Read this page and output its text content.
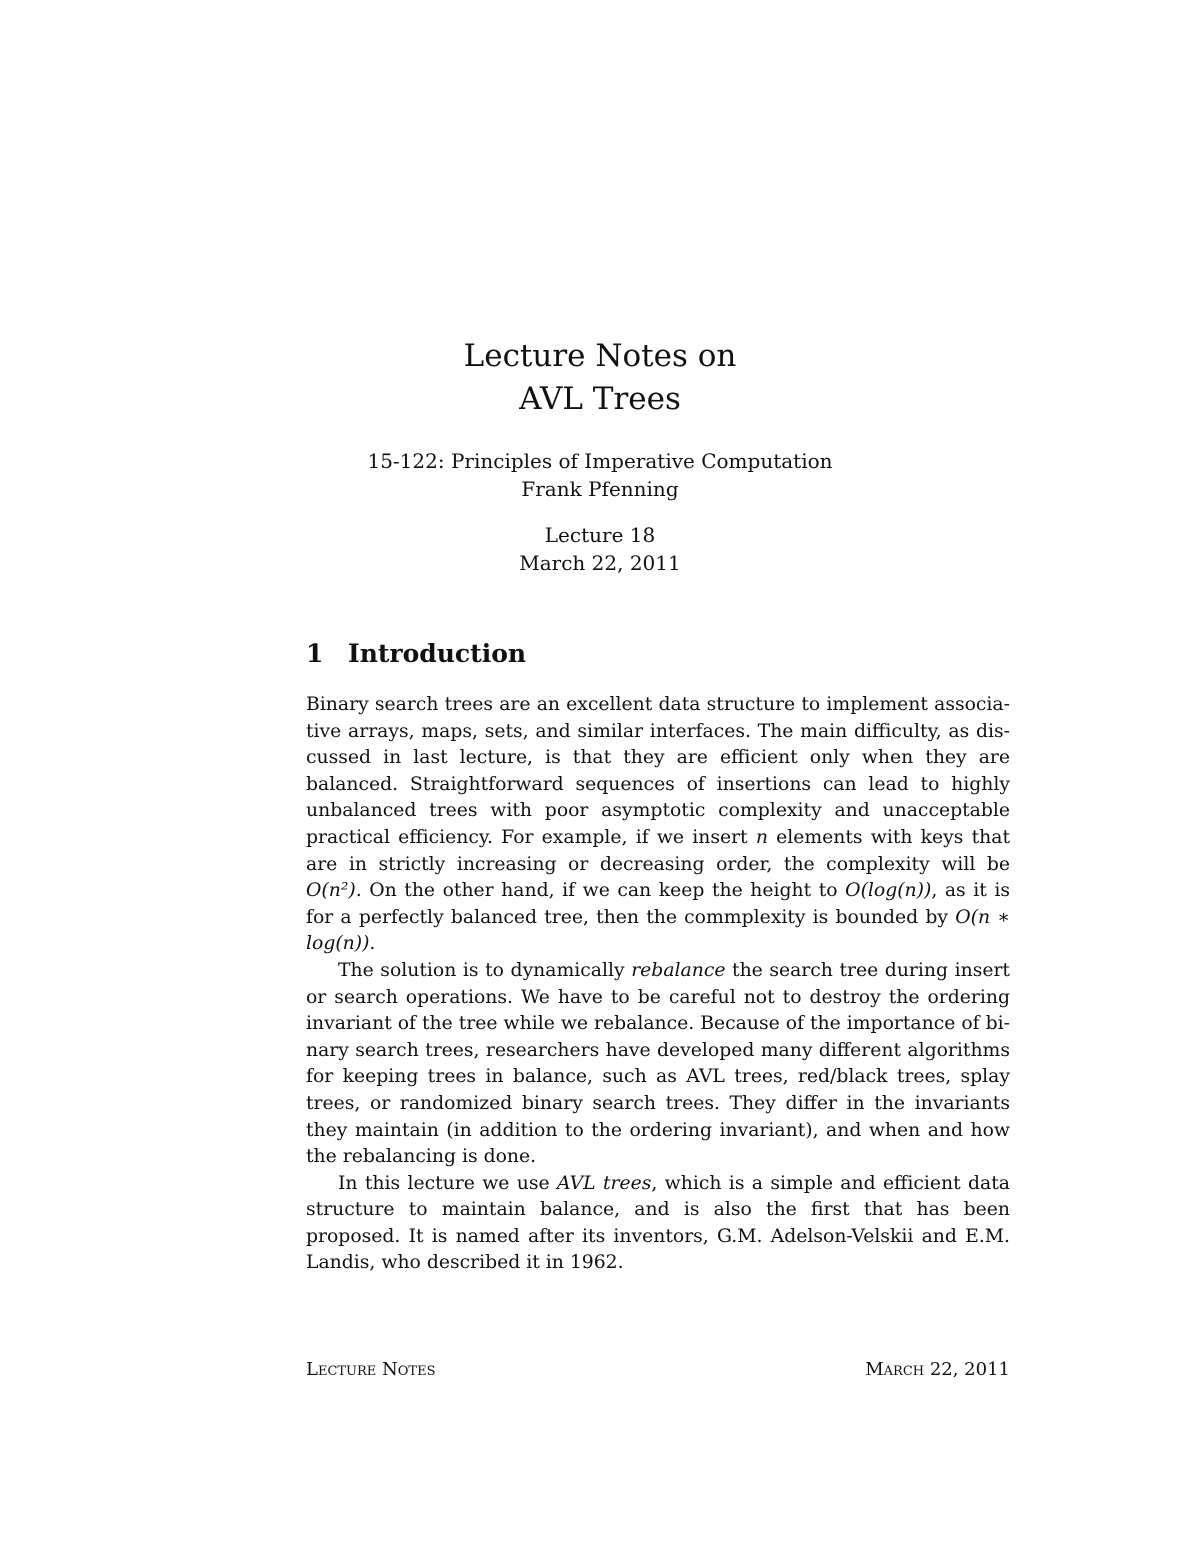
Lecture Notes on
AVL Trees
15-122: Principles of Imperative Computation
Frank Pfenning
Lecture 18
March 22, 2011
1 Introduction

Binary search trees are an excellent data structure to implement associative arrays, maps, sets, and similar interfaces. The main difficulty, as discussed in last lecture, is that they are efficient only when they are balanced. Straightforward sequences of insertions can lead to highly unbalanced trees with poor asymptotic complexity and unacceptable practical efficiency. For example, if we insert n elements with keys that are in strictly increasing or decreasing order, the complexity will be O(n²). On the other hand, if we can keep the height to O(log(n)), as it is for a perfectly balanced tree, then the commplexity is bounded by O(n ∗ log(n)).

The solution is to dynamically rebalance the search tree during insert or search operations. We have to be careful not to destroy the ordering invariant of the tree while we rebalance. Because of the importance of binary search trees, researchers have developed many different algorithms for keeping trees in balance, such as AVL trees, red/black trees, splay trees, or randomized binary search trees. They differ in the invariants they maintain (in addition to the ordering invariant), and when and how the rebalancing is done.

In this lecture we use AVL trees, which is a simple and efficient data structure to maintain balance, and is also the first that has been proposed. It is named after its inventors, G.M. Adelson-Velskii and E.M. Landis, who described it in 1962.

Lecture Notes	March 22, 2011
